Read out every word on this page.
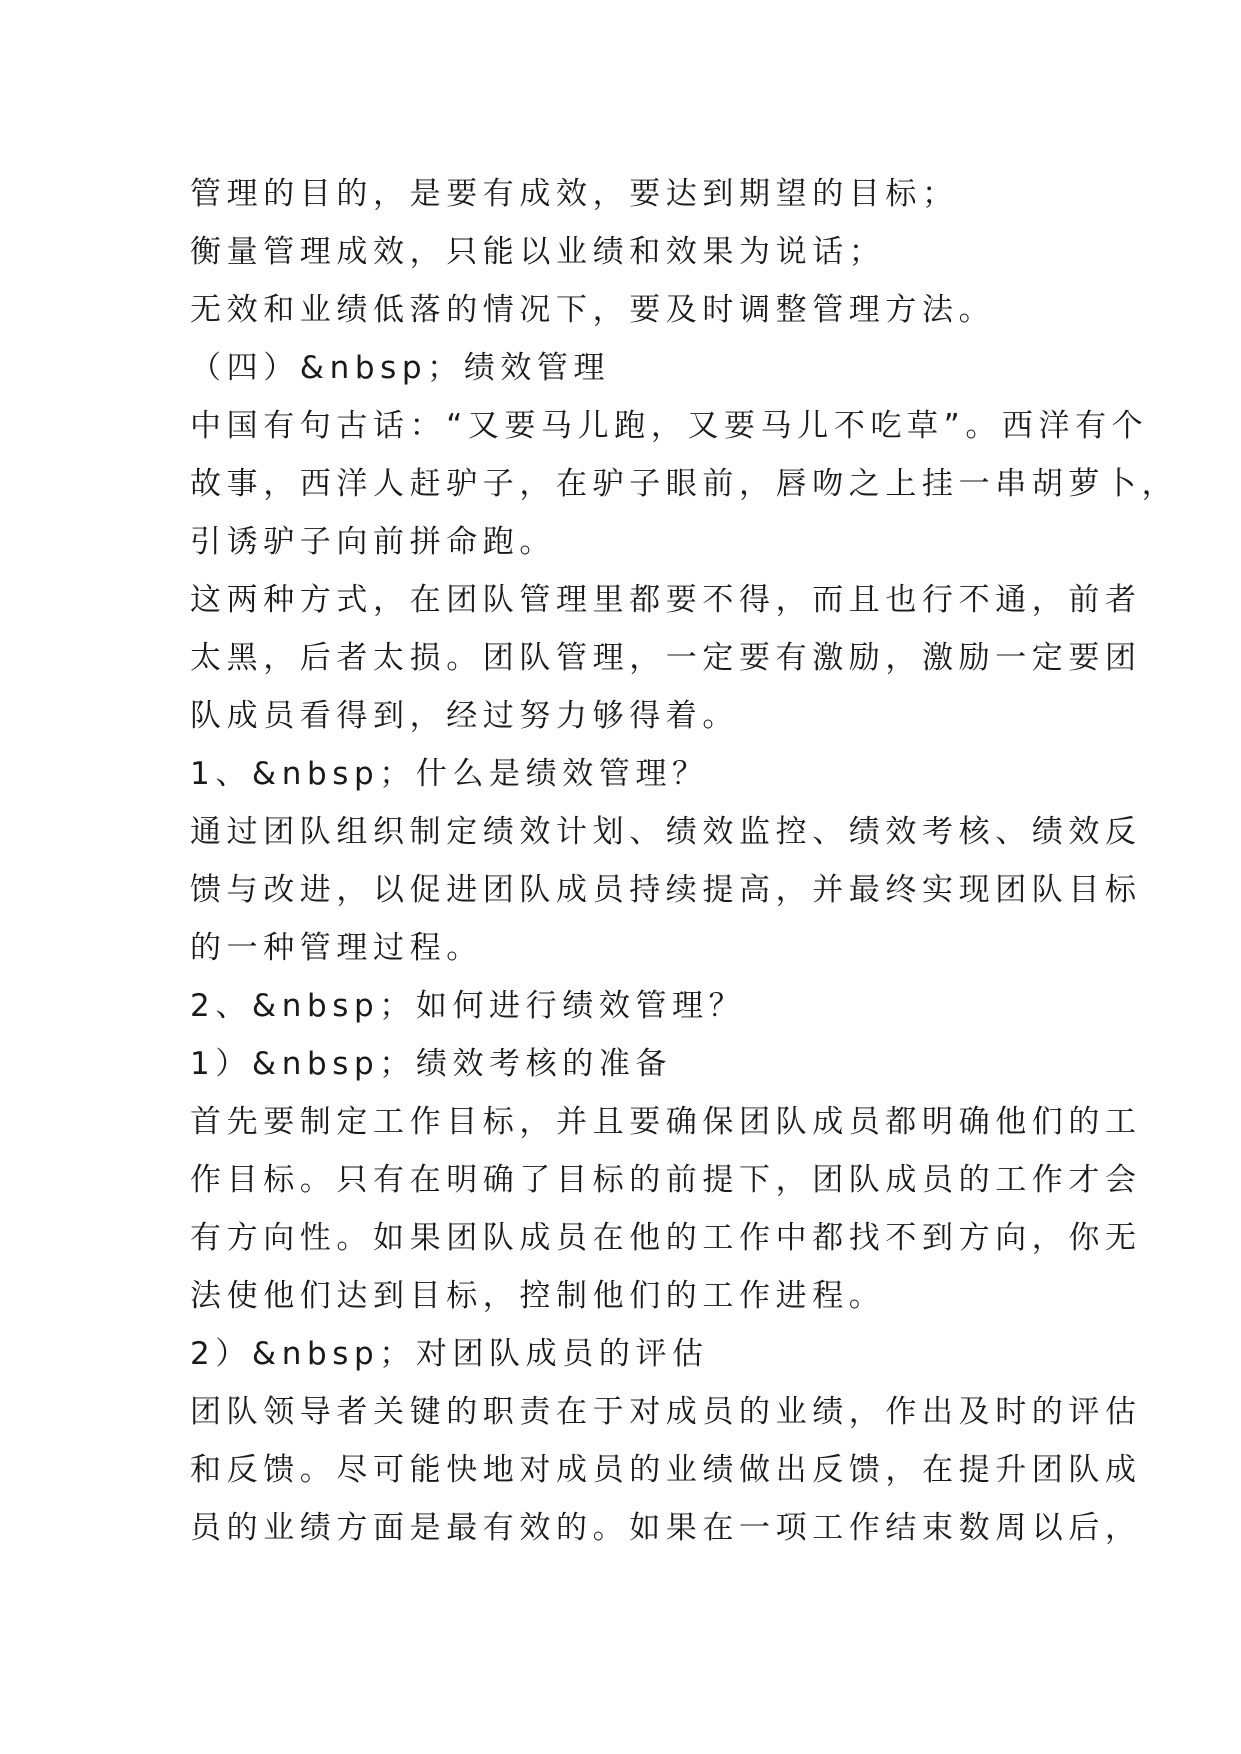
管理的目的，是要有成效，要达到期望的目标；
衡量管理成效，只能以业绩和效果为说话；
无效和业绩低落的情况下，要及时调整管理方法。
（四）&nbsp；绩效管理
中国有句古话：“又要马儿跑，又要马儿不吃草”。西洋有个
故事，西洋人赶驴子，在驴子眼前，唇吻之上挂一串胡萝卜，
引诱驴子向前拼命跑。
这两种方式，在团队管理里都要不得，而且也行不通，前者
太黑，后者太损。团队管理，一定要有激励，激励一定要团
队成员看得到，经过努力够得着。
1、&nbsp；什么是绩效管理？
通过团队组织制定绩效计划、绩效监控、绩效考核、绩效反
馈与改进，以促进团队成员持续提高，并最终实现团队目标
的一种管理过程。
2、&nbsp；如何进行绩效管理？
1）&nbsp；绩效考核的准备
首先要制定工作目标，并且要确保团队成员都明确他们的工
作目标。只有在明确了目标的前提下，团队成员的工作才会
有方向性。如果团队成员在他的工作中都找不到方向，你无
法使他们达到目标，控制他们的工作进程。
2）&nbsp；对团队成员的评估
团队领导者关键的职责在于对成员的业绩，作出及时的评估
和反馈。尽可能快地对成员的业绩做出反馈，在提升团队成
员的业绩方面是最有效的。如果在一项工作结束数周以后，
